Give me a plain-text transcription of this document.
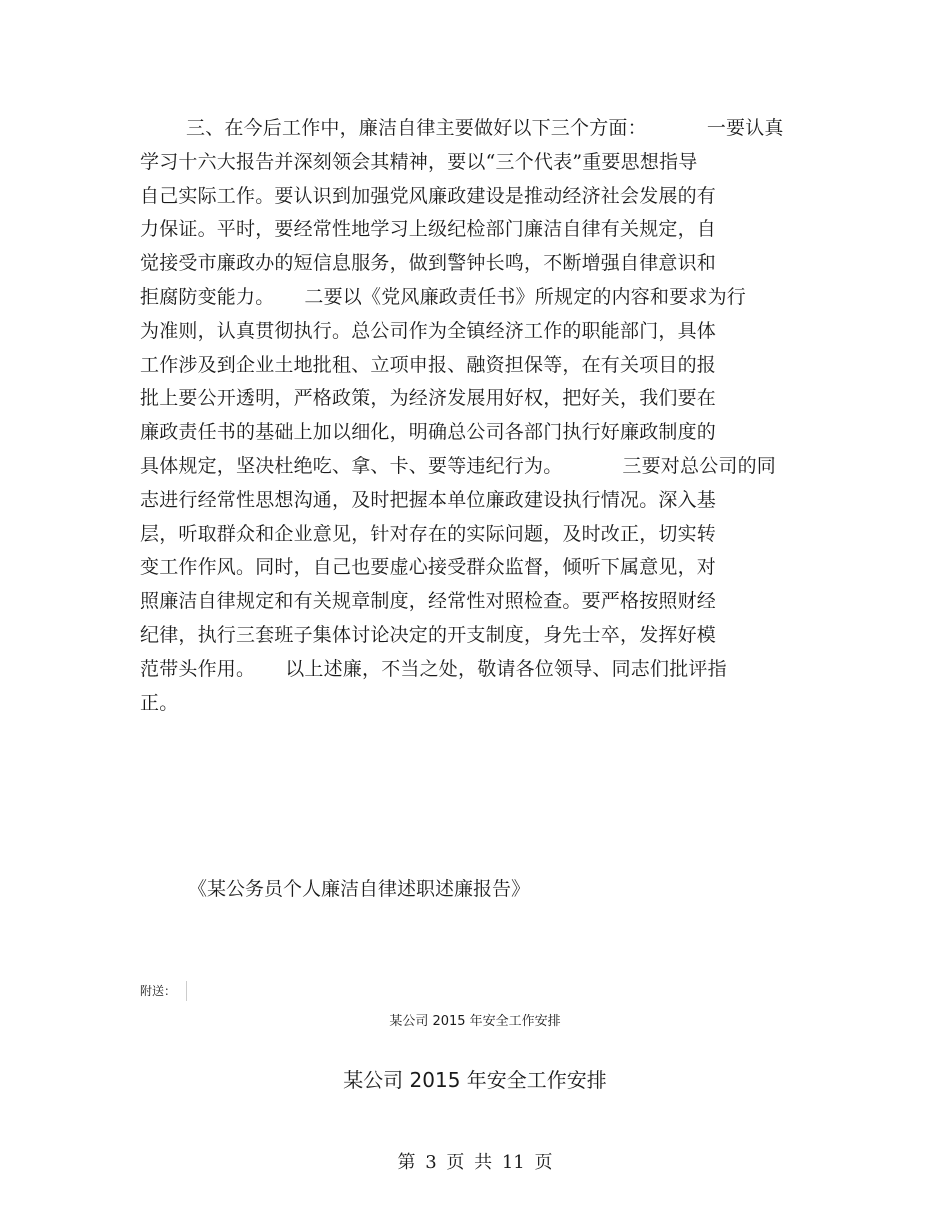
三、在今后工作中，廉洁自律主要做好以下三个方面：	一要认真
学习十六大报告并深刻领会其精神，要以“三个代表”重要思想指导
自己实际工作。要认识到加强党风廉政建设是推动经济社会发展的有
力保证。平时，要经常性地学习上级纪检部门廉洁自律有关规定，自
觉接受市廉政办的短信息服务，做到警钟长鸣，不断增强自律意识和
拒腐防变能力。 二要以《党风廉政责任书》所规定的内容和要求为行
为准则，认真贯彻执行。总公司作为全镇经济工作的职能部门，具体
工作涉及到企业土地批租、立项申报、融资担保等，在有关项目的报
批上要公开透明，严格政策，为经济发展用好权，把好关，我们要在
廉政责任书的基础上加以细化，明确总公司各部门执行好廉政制度的
具体规定，坚决杜绝吃、拿、卡、要等违纪行为。	三要对总公司的同
志进行经常性思想沟通，及时把握本单位廉政建设执行情况。深入基
层，听取群众和企业意见，针对存在的实际问题，及时改正，切实转
变工作作风。同时，自己也要虚心接受群众监督，倾听下属意见，对
照廉洁自律规定和有关规章制度，经常性对照检查。要严格按照财经
纪律，执行三套班子集体讨论决定的开支制度，身先士卒，发挥好模
范带头作用。 以上述廉，不当之处，敬请各位领导、同志们批评指
正。
《某公务员个人廉洁自律述职述廉报告》
附送：
某公司 2015 年安全工作安排
某公司 2015 年安全工作安排
第 3 页 共 11 页
